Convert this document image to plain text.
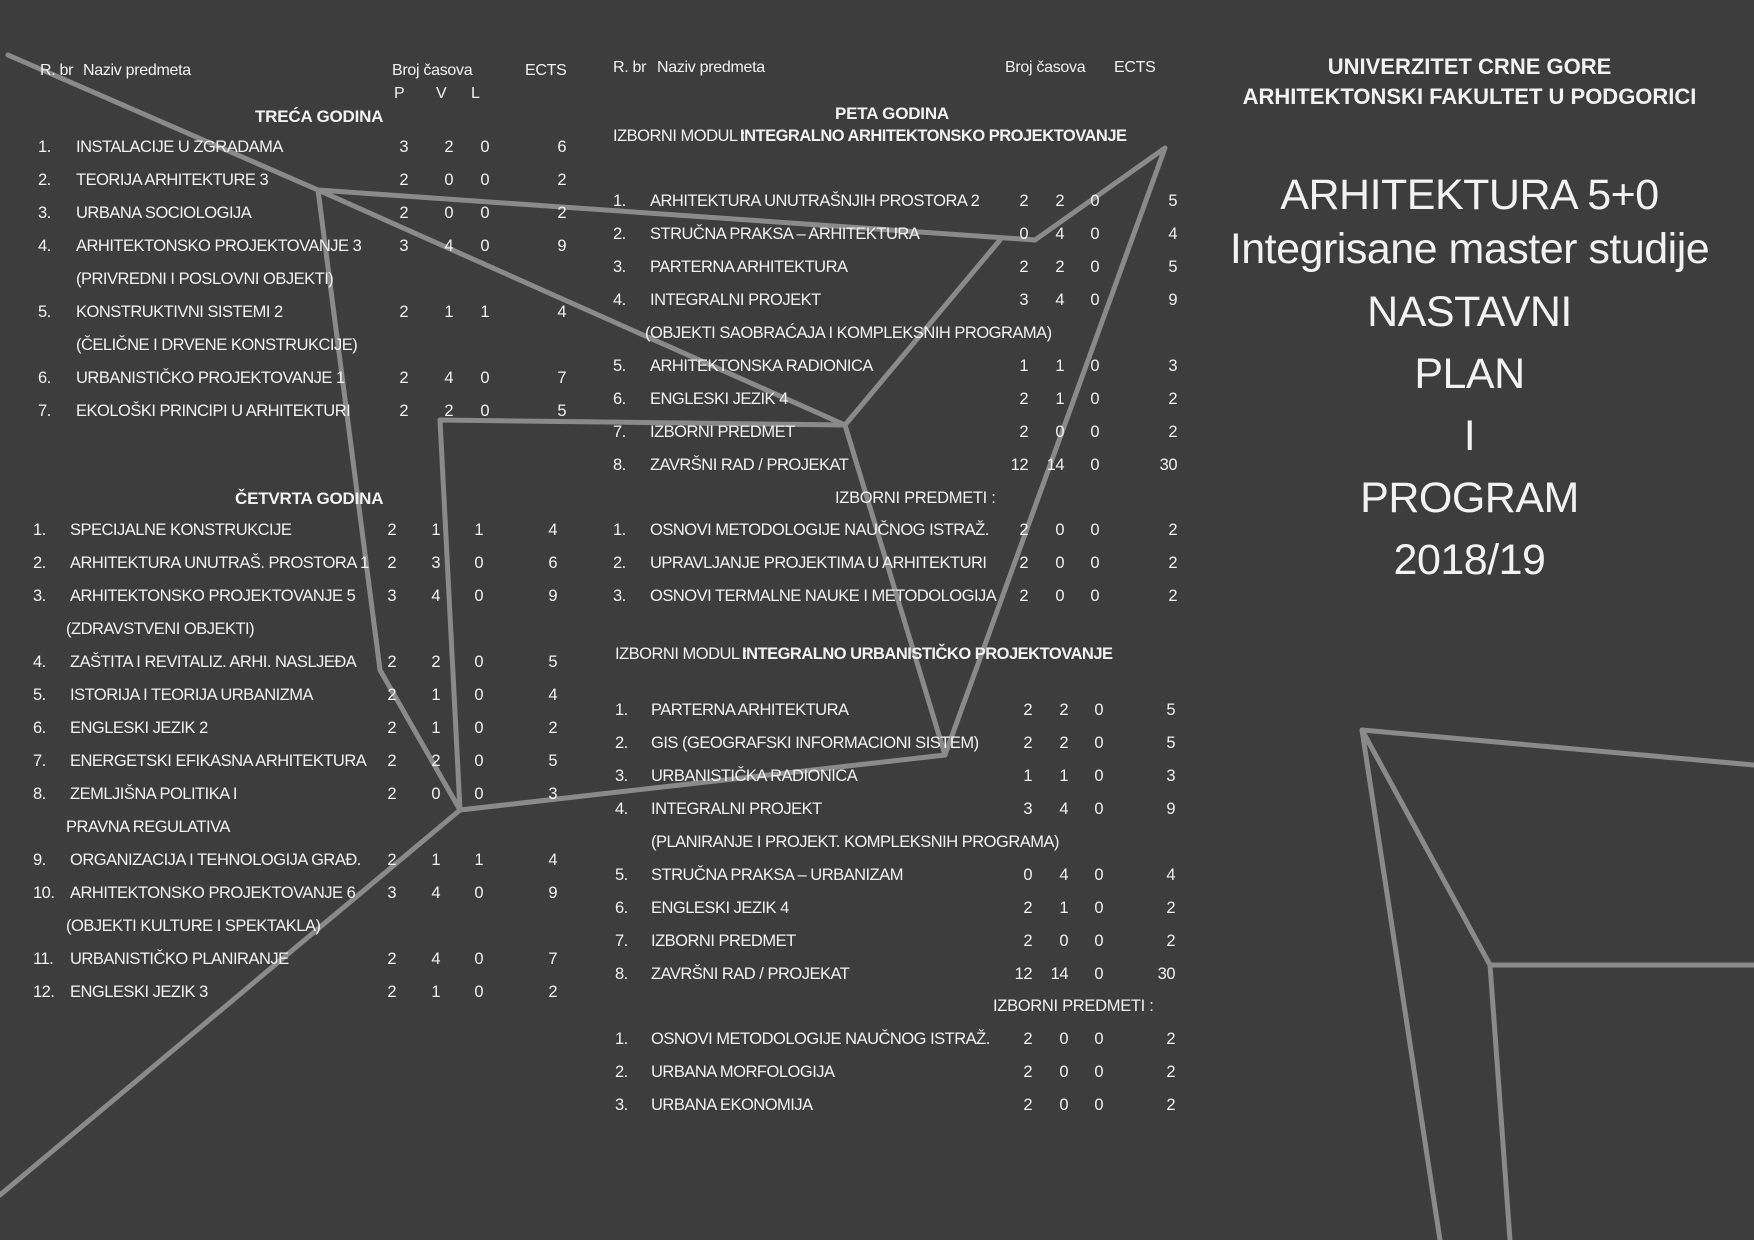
R. br Naziv predmeta	Broj časova
P V L
ECTS
TREĆA GODINA
1. INSTALACIJE U ZGRADAMA	3	2	0	6
2. TEORIJA ARHITEKTURE 3	2	0	0	2
3. URBANA SOCIOLOGIJA	2	0	0	2
4. ARHITEKTONSKO PROJEKTOVANJE 3	3	4	0	9
(PRIVREDNI I POSLOVNI OBJEKTI)
5. KONSTRUKTIVNI SISTEMI 2	2	1	1	4
(ČELIČNE I DRVENE KONSTRUKCIJE)
6. URBANISTIČKO PROJEKTOVANJE 1	2	4	0	7
7. EKOLOŠKI PRINCIPI U ARHITEKTURI	2	2	0	5
ČETVRTA GODINA
1. SPECIJALNE KONSTRUKCIJE	2	1	1	4
2. ARHITEKTURA UNUTRAŠ. PROSTORA 1	2	3	0	6
3. ARHITEKTONSKO PROJEKTOVANJE 5	3	4	0	9
(ZDRAVSTVENI OBJEKTI)
4. ZAŠTITA I REVITALIZ. ARHI. NASLJEĐA	2	2	0	5
5. ISTORIJA I TEORIJA URBANIZMA	2	1	0	4
6. ENGLESKI JEZIK 2	2	1	0	2
7. ENERGETSKI EFIKASNA ARHITEKTURA	2	2	0	5
8. ZEMLJIŠNA POLITIKA I	2	0	0	3
PRAVNA REGULATIVA
9. ORGANIZACIJA I TEHNOLOGIJA GRAĐ.	2	1	1	4
10. ARHITEKTONSKO PROJEKTOVANJE 6	3	4	0	9
(OBJEKTI KULTURE I SPEKTAKLA)
11. URBANISTIČKO PLANIRANJE	2	4	0	7
12. ENGLESKI JEZIK 3	2	1	0	2
R. br Naziv predmeta	Broj časova ECTS
PETA GODINA
IZBORNI MODUL :
INTEGRALNO ARHITEKTONSKO PROJEKTOVANJE
1. ARHITEKTURA UNUTRAŠNJIH PROSTORA 2	2	2	0	5
2. STRUČNA PRAKSA – ARHITEKTURA	0	4	0	4
3. PARTERNA ARHITEKTURA	2	2	0	5
4. INTEGRALNI PROJEKT	3	4	0	9
(OBJEKTI SAOBRAĆAJA I KOMPLEKSNIH PROGRAMA)
5. ARHITEKTONSKA RADIONICA	1	1	0	3
6. ENGLESKI JEZIK 4	2	1	0	2
7. IZBORNI PREDMET	2	0	0	2
8. ZAVRŠNI RAD / PROJEKAT	12	14	0	30
IZBORNI PREDMETI :
1. OSNOVI METODOLOGIJE NAUČNOG ISTRAŽ.	2	0	0	2
2. UPRAVLJANJE PROJEKTIMA U ARHITEKTURI	2	0	0	2
3. OSNOVI TERMALNE NAUKE I METODOLOGIJA	2	0	0	2
IZBORNI MODUL :
INTEGRALNO URBANISTIČKO PROJEKTOVANJE
1. PARTERNA ARHITEKTURA	2	2	0	5
2. GIS (GEOGRAFSKI INFORMACIONI SISTEM)	2	2	0	5
3. URBANISTIČKA RADIONICA	1	1	0	3
4. INTEGRALNI PROJEKT	3	4	0	9
(PLANIRANJE I PROJEKT. KOMPLEKSNIH PROGRAMA)
5. STRUČNA PRAKSA – URBANIZAM	0	4	0	4
6. ENGLESKI JEZIK 4	2	1	0	2
7. IZBORNI PREDMET	2	0	0	2
8. ZAVRŠNI RAD / PROJEKAT	12	14	0	30
IZBORNI PREDMETI :
1. OSNOVI METODOLOGIJE NAUČNOG ISTRAŽ.	2	0	0	2
2. URBANA MORFOLOGIJA	2	0	0	2
3. URBANA EKONOMIJA	2	0	0	2
UNIVERZITET CRNE GORE
ARHITEKTONSKI FAKULTET U PODGORICI
ARHITEKTURA 5+0
Integrisane master studije
NASTAVNI
PLAN
I
PROGRAM
2018/19
